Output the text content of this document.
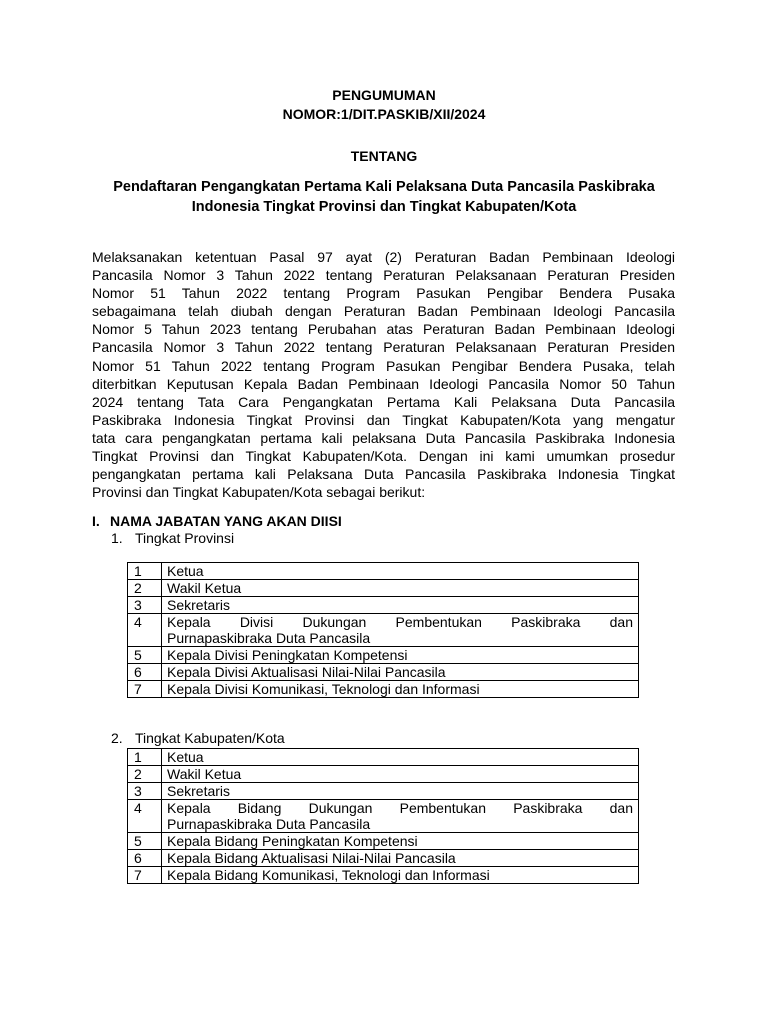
PENGUMUMAN
NOMOR:1/DIT.PASKIB/XII/2024
TENTANG
Pendaftaran Pengangkatan Pertama Kali Pelaksana Duta Pancasila Paskibraka
Indonesia Tingkat Provinsi dan Tingkat Kabupaten/Kota
Melaksanakan ketentuan Pasal 97 ayat (2) Peraturan Badan Pembinaan Ideologi
Pancasila Nomor 3 Tahun 2022 tentang Peraturan Pelaksanaan Peraturan Presiden
Nomor 51 Tahun 2022 tentang Program Pasukan Pengibar Bendera Pusaka
sebagaimana telah diubah dengan Peraturan Badan Pembinaan Ideologi Pancasila
Nomor 5 Tahun 2023 tentang Perubahan atas Peraturan Badan Pembinaan Ideologi
Pancasila Nomor 3 Tahun 2022 tentang Peraturan Pelaksanaan Peraturan Presiden
Nomor 51 Tahun 2022 tentang Program Pasukan Pengibar Bendera Pusaka, telah
diterbitkan Keputusan Kepala Badan Pembinaan Ideologi Pancasila Nomor 50 Tahun
2024 tentang Tata Cara Pengangkatan Pertama Kali Pelaksana Duta Pancasila
Paskibraka Indonesia Tingkat Provinsi dan Tingkat Kabupaten/Kota yang mengatur
tata cara pengangkatan pertama kali pelaksana Duta Pancasila Paskibraka Indonesia
Tingkat Provinsi dan Tingkat Kabupaten/Kota. Dengan ini kami umumkan prosedur
pengangkatan pertama kali Pelaksana Duta Pancasila Paskibraka Indonesia Tingkat
Provinsi dan Tingkat Kabupaten/Kota sebagai berikut:
I. NAMA JABATAN YANG AKAN DIISI
1. Tingkat Provinsi
1	Ketua
2	Wakil Ketua
3	Sekretaris
4	Kepala Divisi Dukungan Pembentukan Paskibraka dan
Purnapaskibraka Duta Pancasila
5	Kepala Divisi Peningkatan Kompetensi
6	Kepala Divisi Aktualisasi Nilai-Nilai Pancasila
7	Kepala Divisi Komunikasi, Teknologi dan Informasi
2. Tingkat Kabupaten/Kota
1	Ketua
2	Wakil Ketua
3	Sekretaris
4	Kepala Bidang Dukungan Pembentukan Paskibraka dan
Purnapaskibraka Duta Pancasila
5	Kepala Bidang Peningkatan Kompetensi
6	Kepala Bidang Aktualisasi Nilai-Nilai Pancasila
7	Kepala Bidang Komunikasi, Teknologi dan Informasi
